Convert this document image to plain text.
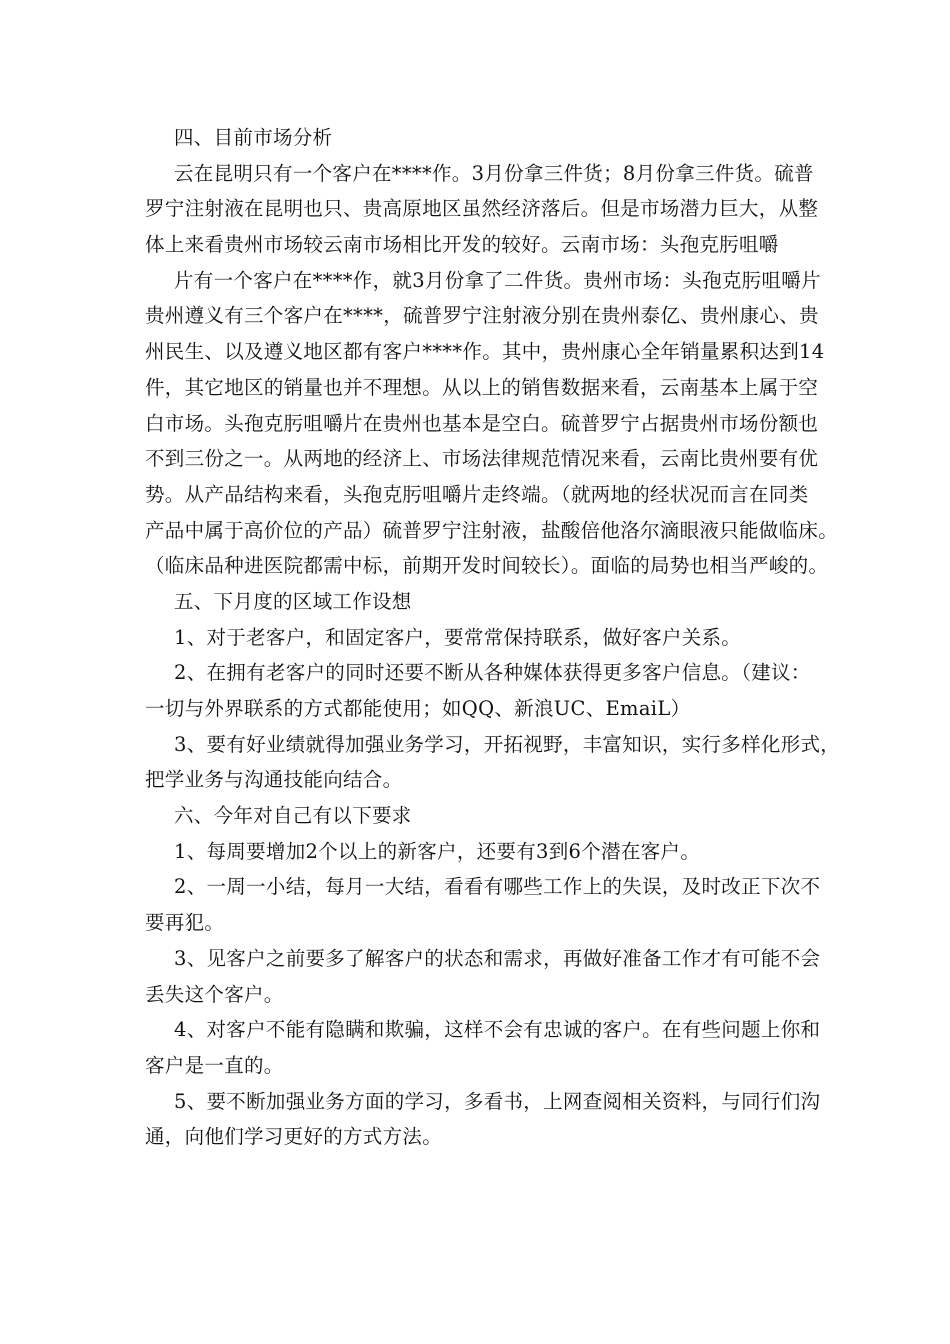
四、目前市场分析
云在昆明只有一个客户在****作。3月份拿三件货；8月份拿三件货。硫普
罗宁注射液在昆明也只、贵高原地区虽然经济落后。但是市场潜力巨大，从整
体上来看贵州市场较云南市场相比开发的较好。云南市场：头孢克肟咀嚼
片有一个客户在****作，就3月份拿了二件货。贵州市场：头孢克肟咀嚼片
贵州遵义有三个客户在****，硫普罗宁注射液分别在贵州泰亿、贵州康心、贵
州民生、以及遵义地区都有客户****作。其中，贵州康心全年销量累积达到14
件，其它地区的销量也并不理想。从以上的销售数据来看，云南基本上属于空
白市场。头孢克肟咀嚼片在贵州也基本是空白。硫普罗宁占据贵州市场份额也
不到三份之一。从两地的经济上、市场法律规范情况来看，云南比贵州要有优
势。从产品结构来看，头孢克肟咀嚼片走终端。（就两地的经状况而言在同类
产品中属于高价位的产品）硫普罗宁注射液，盐酸倍他洛尔滴眼液只能做临床。
（临床品种进医院都需中标，前期开发时间较长）。面临的局势也相当严峻的。
五、下月度的区域工作设想
1、对于老客户，和固定客户，要常常保持联系，做好客户关系。
2、在拥有老客户的同时还要不断从各种媒体获得更多客户信息。（建议：
一切与外界联系的方式都能使用；如QQ、新浪UC、EmaiL）
3、要有好业绩就得加强业务学习，开拓视野，丰富知识，实行多样化形式，
把学业务与沟通技能向结合。
六、今年对自己有以下要求
1、每周要增加2个以上的新客户，还要有3到6个潜在客户。
2、一周一小结，每月一大结，看看有哪些工作上的失误，及时改正下次不
要再犯。
3、见客户之前要多了解客户的状态和需求，再做好准备工作才有可能不会
丢失这个客户。
4、对客户不能有隐瞒和欺骗，这样不会有忠诚的客户。在有些问题上你和
客户是一直的。
5、要不断加强业务方面的学习，多看书，上网查阅相关资料，与同行们沟
通，向他们学习更好的方式方法。
